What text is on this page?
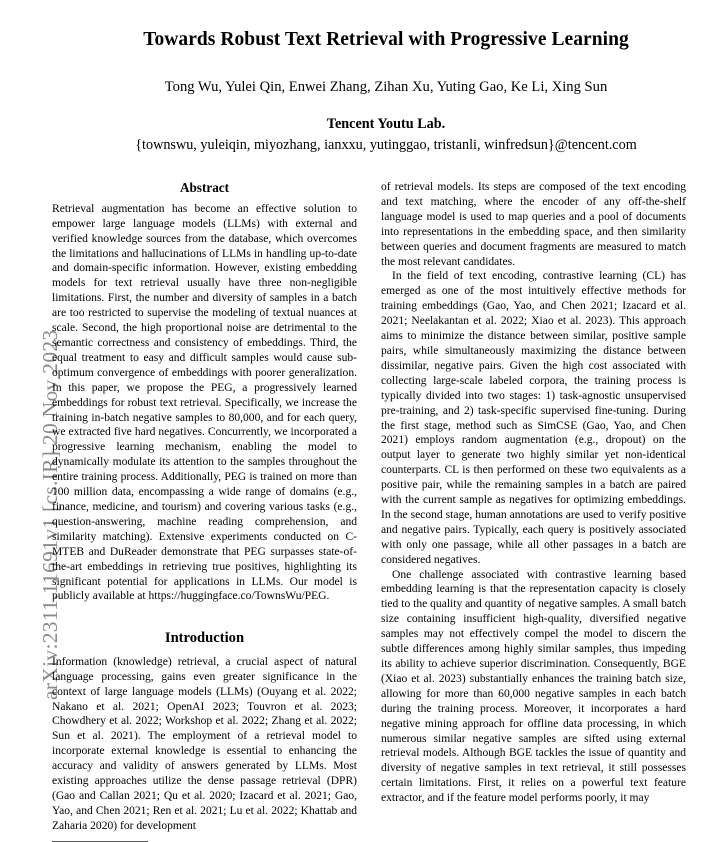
arXiv:2311.11691v1 [cs.IR] 20 Nov 2023
Towards Robust Text Retrieval with Progressive Learning
Tong Wu, Yulei Qin, Enwei Zhang, Zihan Xu, Yuting Gao, Ke Li, Xing Sun
Tencent Youtu Lab.
{townswu, yuleiqin, miyozhang, ianxxu, yutinggao, tristanli, winfredsun}@tencent.com
Abstract

Retrieval augmentation has become an effective solution to empower large language models (LLMs) with external and verified knowledge sources from the database, which overcomes the limitations and hallucinations of LLMs in handling up-to-date and domain-specific information. However, existing embedding models for text retrieval usually have three non-negligible limitations. First, the number and diversity of samples in a batch are too restricted to supervise the modeling of textual nuances at scale. Second, the high proportional noise are detrimental to the semantic correctness and consistency of embeddings. Third, the equal treatment to easy and difficult samples would cause sub-optimum convergence of embeddings with poorer generalization. In this paper, we propose the PEG, a progressively learned embeddings for robust text retrieval. Specifically, we increase the training in-batch negative samples to 80,000, and for each query, we extracted five hard negatives. Concurrently, we incorporated a progressive learning mechanism, enabling the model to dynamically modulate its attention to the samples throughout the entire training process. Additionally, PEG is trained on more than 100 million data, encompassing a wide range of domains (e.g., finance, medicine, and tourism) and covering various tasks (e.g., question-answering, machine reading comprehension, and similarity matching). Extensive experiments conducted on C-MTEB and DuReader demonstrate that PEG surpasses state-of-the-art embeddings in retrieving true positives, highlighting its significant potential for applications in LLMs. Our model is publicly available at https://huggingface.co/TownsWu/PEG.

Introduction

Information (knowledge) retrieval, a crucial aspect of natural language processing, gains even greater significance in the context of large language models (LLMs) (Ouyang et al. 2022; Nakano et al. 2021; OpenAI 2023; Touvron et al. 2023; Chowdhery et al. 2022; Workshop et al. 2022; Zhang et al. 2022; Sun et al. 2021). The employment of a retrieval model to incorporate external knowledge is essential to enhancing the accuracy and validity of answers generated by LLMs. Most existing approaches utilize the dense passage retrieval (DPR) (Gao and Callan 2021; Qu et al. 2020; Izacard et al. 2021; Gao, Yao, and Chen 2021; Ren et al. 2021; Lu et al. 2022; Khattab and Zaharia 2020) for development

of retrieval models. Its steps are composed of the text encoding and text matching, where the encoder of any off-the-shelf language model is used to map queries and a pool of documents into representations in the embedding space, and then similarity between queries and document fragments are measured to match the most relevant candidates.

In the field of text encoding, contrastive learning (CL) has emerged as one of the most intuitively effective methods for training embeddings (Gao, Yao, and Chen 2021; Izacard et al. 2021; Neelakantan et al. 2022; Xiao et al. 2023). This approach aims to minimize the distance between similar, positive sample pairs, while simultaneously maximizing the distance between dissimilar, negative pairs. Given the high cost associated with collecting large-scale labeled corpora, the training process is typically divided into two stages: 1) task-agnostic unsupervised pre-training, and 2) task-specific supervised fine-tuning. During the first stage, method such as SimCSE (Gao, Yao, and Chen 2021) employs random augmentation (e.g., dropout) on the output layer to generate two highly similar yet non-identical counterparts. CL is then performed on these two equivalents as a positive pair, while the remaining samples in a batch are paired with the current sample as negatives for optimizing embeddings. In the second stage, human annotations are used to verify positive and negative pairs. Typically, each query is positively associated with only one passage, while all other passages in a batch are considered negatives.

One challenge associated with contrastive learning based embedding learning is that the representation capacity is closely tied to the quality and quantity of negative samples. A small batch size containing insufficient high-quality, diversified negative samples may not effectively compel the model to discern the subtle differences among highly similar samples, thus impeding its ability to achieve superior discrimination. Consequently, BGE (Xiao et al. 2023) substantially enhances the training batch size, allowing for more than 60,000 negative samples in each batch during the training process. Moreover, it incorporates a hard negative mining approach for offline data processing, in which numerous similar negative samples are sifted using external retrieval models. Although BGE tackles the issue of quantity and diversity of negative samples in text retrieval, it still possesses certain limitations. First, it relies on a powerful text feature extractor, and if the feature model performs poorly, it may
